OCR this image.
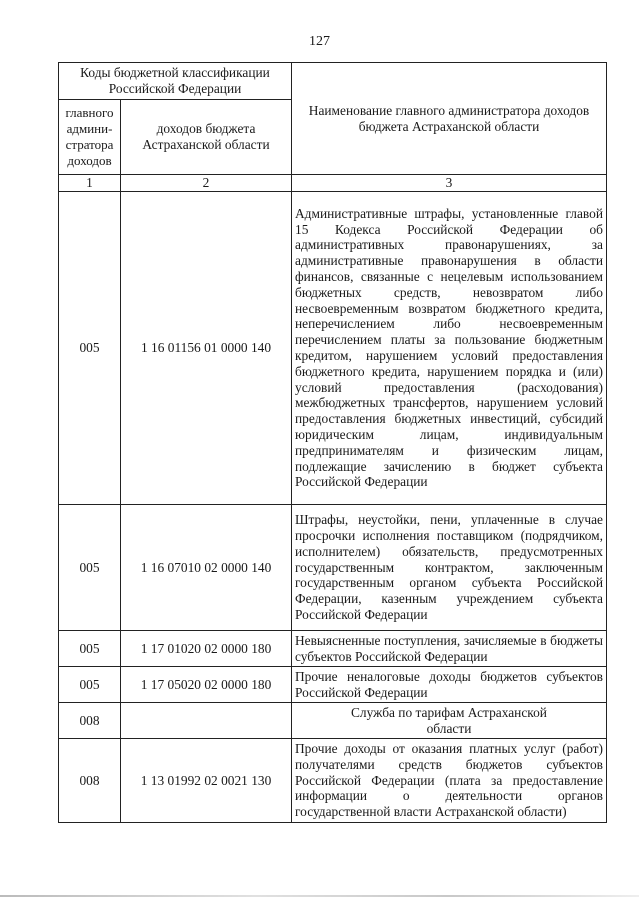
127
Коды бюджетной классификации Российской Федерации		Наименование главного администратора доходов бюджета Астраханской области
главного админи-стратора доходов	доходов бюджета Астраханской области	
1	2	3
005	1 16 01156 01 0000 140	Административные штрафы, установленные главой 15 Кодекса Российской Федерации об административных правонарушениях, за административные правонарушения в области финансов, связанные с нецелевым использованием бюджетных средств, невозвратом либо несвоевременным возвратом бюджетного кредита, неперечислением либо несвоевременным перечислением платы за пользование бюджетным кредитом, нарушением условий предоставления бюджетного кредита, нарушением порядка и (или) условий предоставления (расходования) межбюджетных трансфертов, нарушением условий предоставления бюджетных инвестиций, субсидий юридическим лицам, индивидуальным предпринимателям и физическим лицам, подлежащие зачислению в бюджет субъекта Российской Федерации

005	1 16 07010 02 0000 140	Штрафы, неустойки, пени, уплаченные в случае просрочки исполнения поставщиком (подрядчиком, исполнителем) обязательств, предусмотренных государственным контрактом, заключенным государственным органом субъекта Российской Федерации, казенным учреждением субъекта Российской Федерации

005	1 17 01020 02 0000 180	Невыясненные поступления, зачисляемые в бюджеты субъектов Российской Федерации

005	1 17 05020 02 0000 180	Прочие неналоговые доходы бюджетов субъектов Российской Федерации

008		Служба по тарифам Астраханской области
008	1 13 01992 02 0021 130	Прочие доходы от оказания платных услуг (работ) получателями средств бюджетов субъектов Российской Федерации (плата за предоставление информации о деятельности органов государственной власти Астраханской области)
